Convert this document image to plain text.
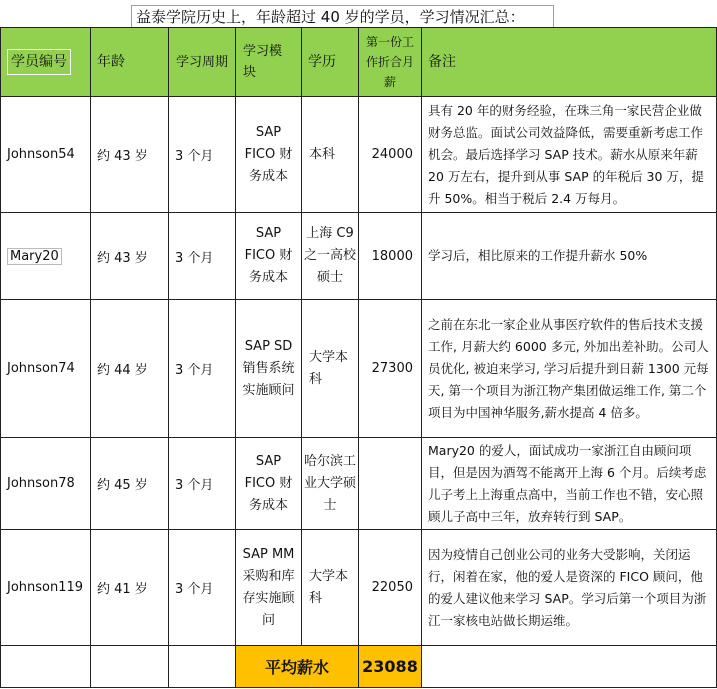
益泰学院历史上，年龄超过 40 岁的学员，学习情况汇总：
学员编号	年龄	学习周期	学习模块	学历	第一份工作折合月薪	备注

Johnson54	约 43 岁	3 个月	SAP FICO 财务成本	本科	24000	具有 20 年的财务经验，在珠三角一家民营企业做财务总监。面试公司效益降低，需要重新考虑工作机会。最后选择学习 SAP 技术。薪水从原来年薪 20 万左右，提升到从事 SAP 的年税后 30 万，提升 50%。相当于税后 2.4 万每月。
Mary20	约 43 岁	3 个月	SAP FICO 财务成本	上海 C9 之一高校 硕士	18000	学习后，相比原来的工作提升薪水 50%
Johnson74	约 44 岁	3 个月	SAP SD 销售系统实施顾问	大学本科	27300	之前在东北一家企业从事医疗软件的售后技术支援工作, 月薪大约 6000 多元, 外加出差补助。公司人员优化, 被迫来学习, 学习后提升到日薪 1300 元每天, 第一个项目为浙江物产集团做运维工作, 第二个项目为中国神华服务,薪水提高 4 倍多。
Johnson78	约 45 岁	3 个月	SAP FICO 财务成本	哈尔滨工业大学硕士		Mary20 的爱人，面试成功一家浙江自由顾问项目，但是因为酒驾不能离开上海 6 个月。后续考虑儿子考上上海重点高中，当前工作也不错，安心照顾儿子高中三年，放弃转行到 SAP。
Johnson119	约 41 岁	3 个月	SAP MM 采购和库存实施顾问	大学本科	22050	因为疫情自己创业公司的业务大受影响，关闭运行，闲着在家，他的爱人是资深的 FICO 顾问，他的爱人建议他来学习 SAP。学习后第一个项目为浙江一家核电站做长期运维。
			平均薪水		23088	
